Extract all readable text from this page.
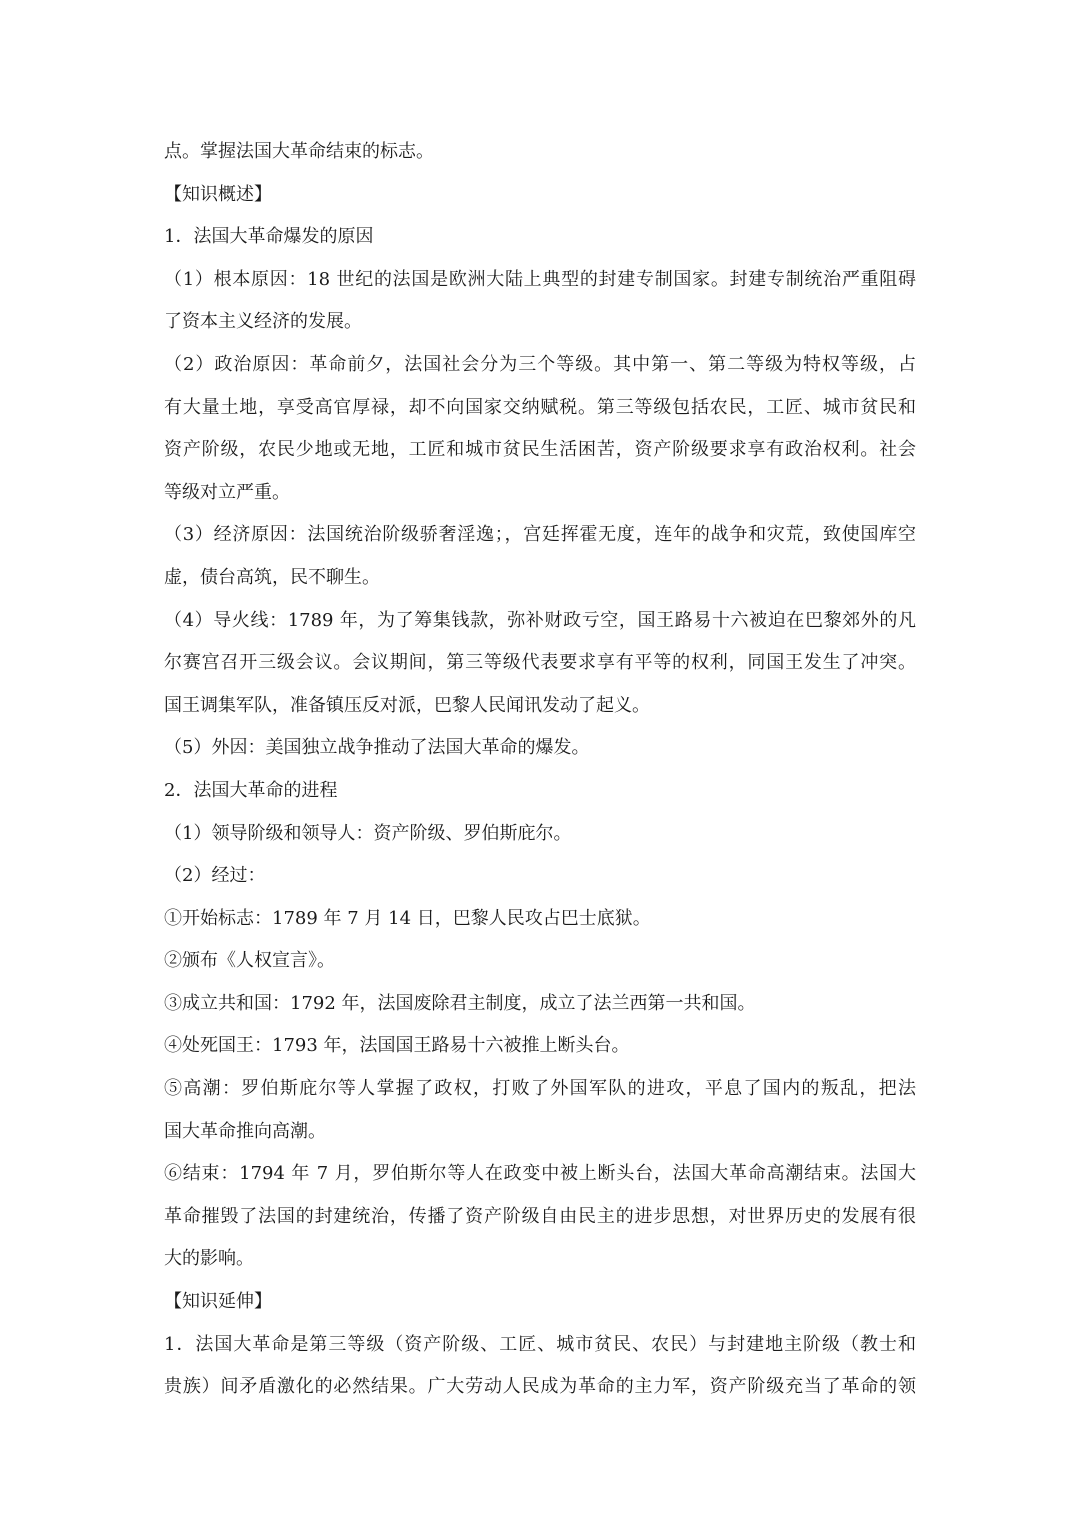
点。掌握法国大革命结束的标志。
【知识概述】
1．法国大革命爆发的原因
（1）根本原因：18 世纪的法国是欧洲大陆上典型的封建专制国家。封建专制统治严重阻碍
了资本主义经济的发展。
（2）政治原因：革命前夕，法国社会分为三个等级。其中第一、第二等级为特权等级，占
有大量土地，享受高官厚禄，却不向国家交纳赋税。第三等级包括农民，工匠、城市贫民和
资产阶级，农民少地或无地，工匠和城市贫民生活困苦，资产阶级要求享有政治权利。社会
等级对立严重。
（3）经济原因：法国统治阶级骄奢淫逸；，宫廷挥霍无度，连年的战争和灾荒，致使国库空
虚，债台高筑，民不聊生。
（4）导火线：1789 年，为了筹集钱款，弥补财政亏空，国王路易十六被迫在巴黎郊外的凡
尔赛宫召开三级会议。会议期间，第三等级代表要求享有平等的权利，同国王发生了冲突。
国王调集军队，准备镇压反对派，巴黎人民闻讯发动了起义。
（5）外因：美国独立战争推动了法国大革命的爆发。
2．法国大革命的进程
（1）领导阶级和领导人：资产阶级、罗伯斯庇尔。
（2）经过：
①开始标志：1789 年 7 月 14 日，巴黎人民攻占巴士底狱。
②颁布《人权宣言》。
③成立共和国：1792 年，法国废除君主制度，成立了法兰西第一共和国。
④处死国王：1793 年，法国国王路易十六被推上断头台。
⑤高潮：罗伯斯庇尔等人掌握了政权，打败了外国军队的进攻，平息了国内的叛乱，把法
国大革命推向高潮。
⑥结束：1794 年 7 月，罗伯斯尔等人在政变中被上断头台，法国大革命高潮结束。法国大
革命摧毁了法国的封建统治，传播了资产阶级自由民主的进步思想，对世界历史的发展有很
大的影响。
【知识延伸】
1．法国大革命是第三等级（资产阶级、工匠、城市贫民、农民）与封建地主阶级（教士和
贵族）间矛盾激化的必然结果。广大劳动人民成为革命的主力军，资产阶级充当了革命的领
